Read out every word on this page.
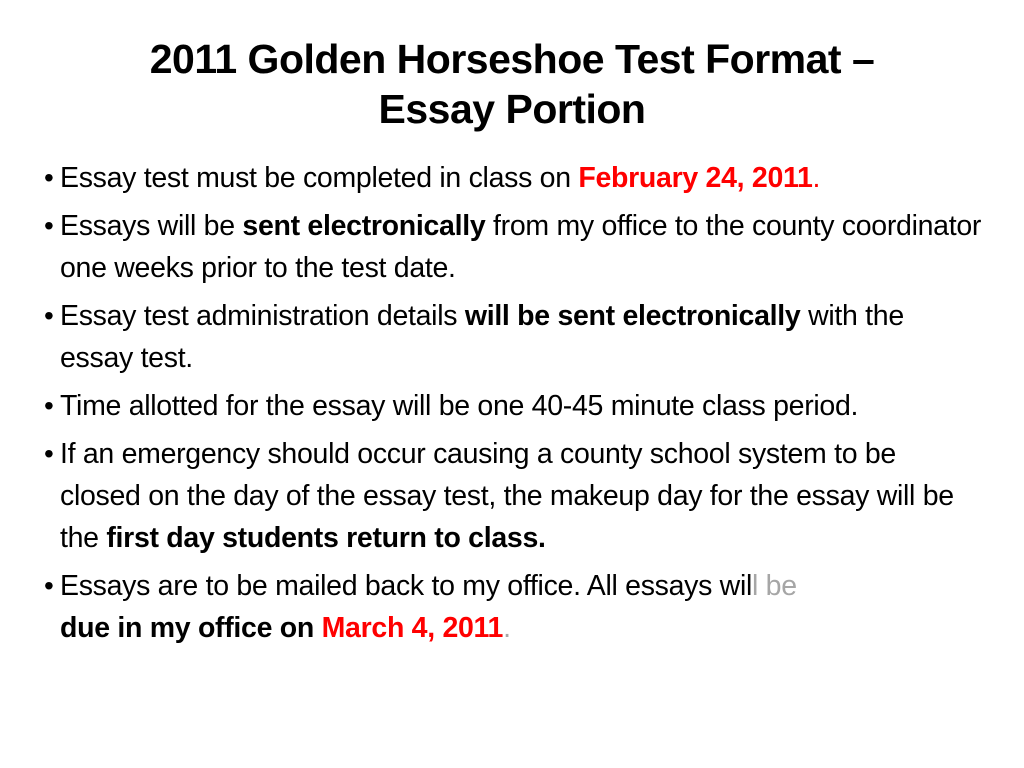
2011 Golden Horseshoe Test Format –
Essay Portion
• Essay test must be completed in class on February 24, 2011.
• Essays will be sent electronically from my office to the county coordinator one weeks prior to the test date.
• Essay test administration details will be sent electronically with the essay test.
• Time allotted for the essay will be one 40-45 minute class period.
• If an emergency should occur causing a county school system to be closed on the day of the essay test, the makeup day for the essay will be the first day students return to class.
• Essays are to be mailed back to my office. All essays will be
due in my office on March 4, 2011.
